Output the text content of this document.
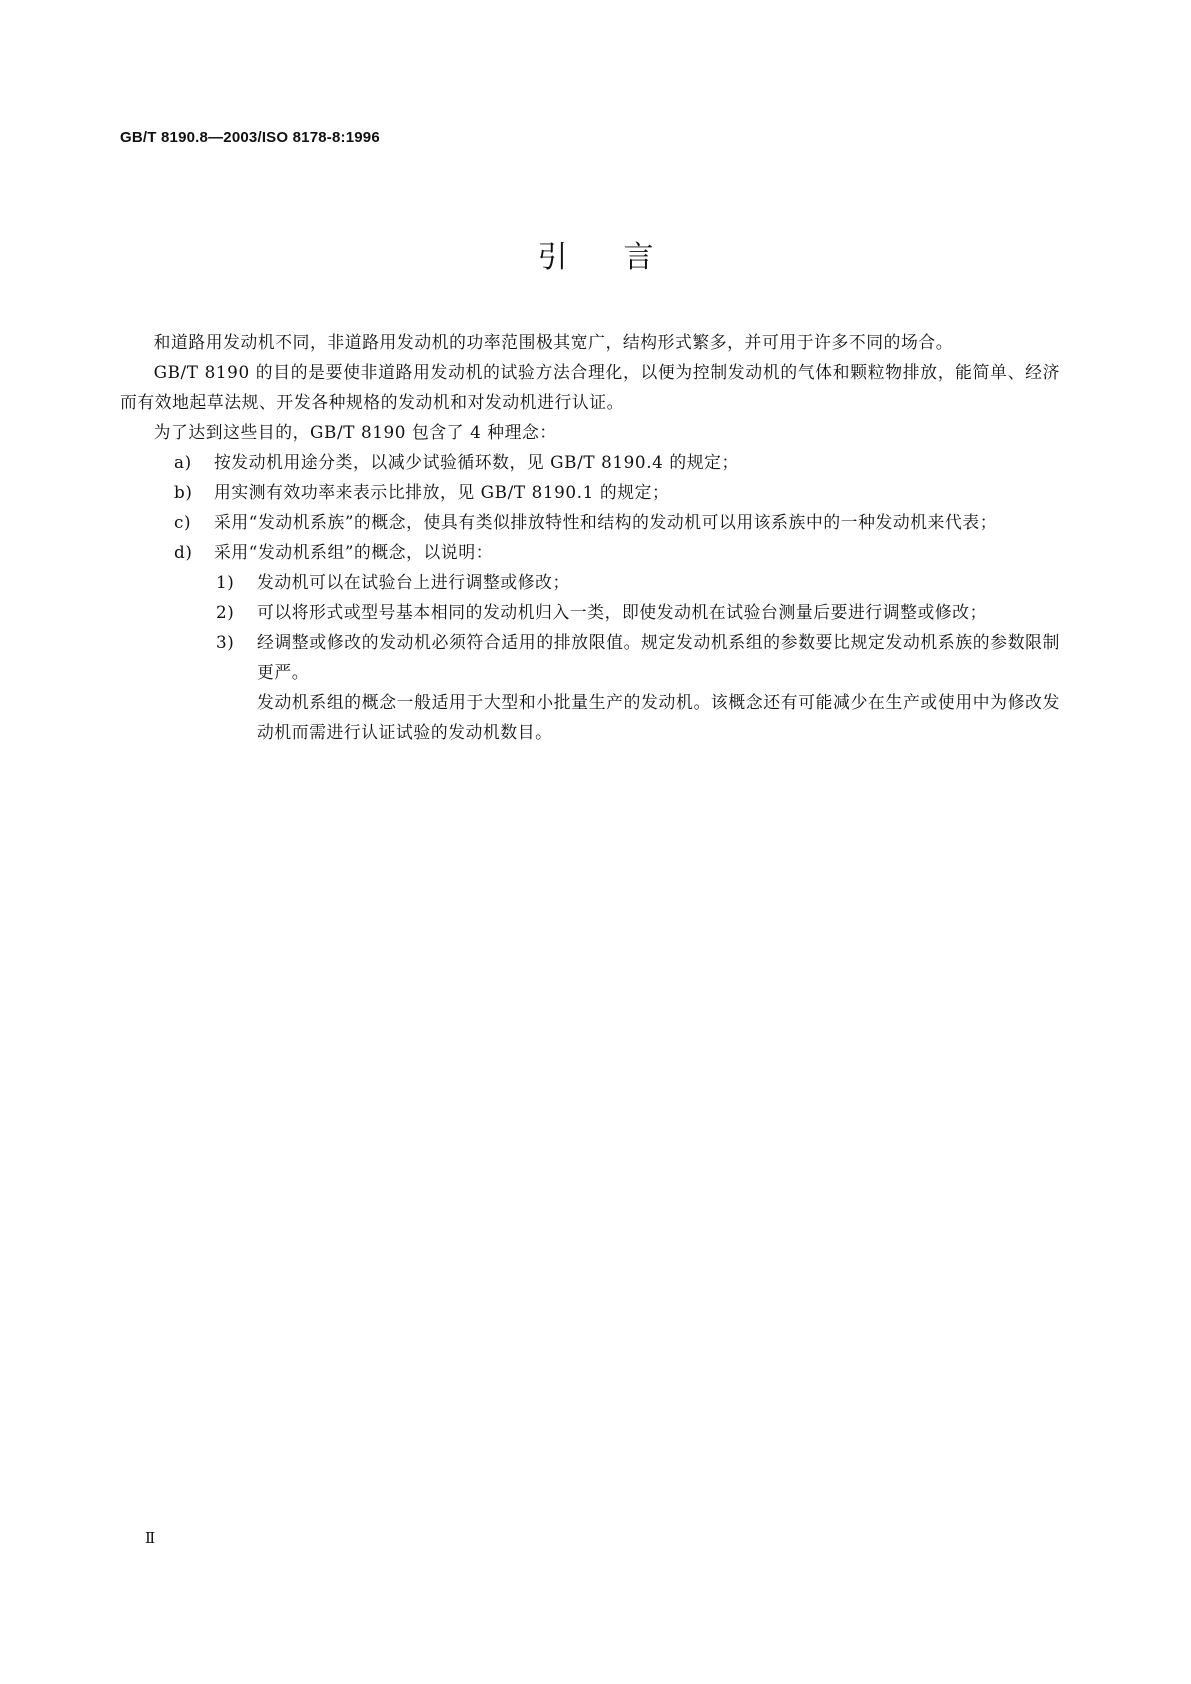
GB/T 8190.8—2003/ISO 8178-8:1996
引言

和道路用发动机不同，非道路用发动机的功率范围极其宽广，结构形式繁多，并可用于许多不同的场合。

GB/T 8190 的目的是要使非道路用发动机的试验方法合理化，以便为控制发动机的气体和颗粒物排放，能简单、经济而有效地起草法规、开发各种规格的发动机和对发动机进行认证。

为了达到这些目的，GB/T 8190 包含了 4 种理念：

a) 按发动机用途分类，以减少试验循环数，见 GB/T 8190.4 的规定；
b) 用实测有效功率来表示比排放，见 GB/T 8190.1 的规定；
c) 采用“发动机系族”的概念，使具有类似排放特性和结构的发动机可以用该系族中的一种发动机来代表；
d) 采用“发动机系组”的概念，以说明：
1) 发动机可以在试验台上进行调整或修改；
2) 可以将形式或型号基本相同的发动机归入一类，即使发动机在试验台测量后要进行调整或修改；
3) 经调整或修改的发动机必须符合适用的排放限值。规定发动机系组的参数要比规定发动机系族的参数限制更严。

发动机系组的概念一般适用于大型和小批量生产的发动机。该概念还有可能减少在生产或使用中为修改发动机而需进行认证试验的发动机数目。

Ⅱ
